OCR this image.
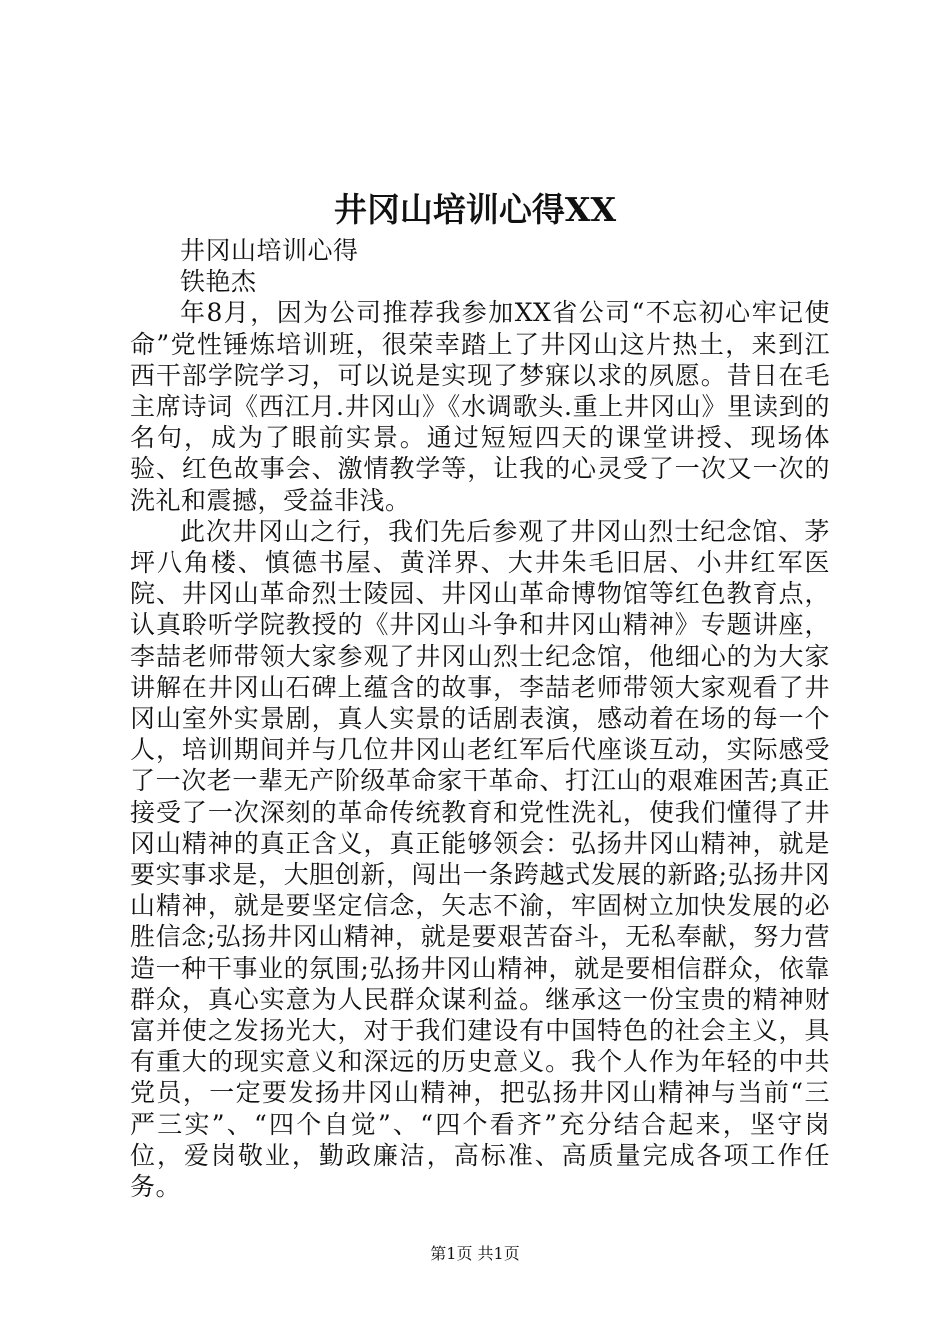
井冈山培训心得XX

井冈山培训心得

铁艳杰

年8月，因为公司推荐我参加XX省公司“不忘初心牢记使命”党性锤炼培训班，很荣幸踏上了井冈山这片热土，来到江西干部学院学习，可以说是实现了梦寐以求的夙愿。昔日在毛主席诗词《西江月.井冈山》《水调歌头.重上井冈山》里读到的名句，成为了眼前实景。通过短短四天的课堂讲授、现场体验、红色故事会、激情教学等，让我的心灵受了一次又一次的洗礼和震撼，受益非浅。

此次井冈山之行，我们先后参观了井冈山烈士纪念馆、茅坪八角楼、慎德书屋、黄洋界、大井朱毛旧居、小井红军医院、井冈山革命烈士陵园、井冈山革命博物馆等红色教育点，认真聆听学院教授的《井冈山斗争和井冈山精神》专题讲座，李喆老师带领大家参观了井冈山烈士纪念馆，他细心的为大家讲解在井冈山石碑上蕴含的故事，李喆老师带领大家观看了井冈山室外实景剧，真人实景的话剧表演，感动着在场的每一个人，培训期间并与几位井冈山老红军后代座谈互动，实际感受了一次老一辈无产阶级革命家干革命、打江山的艰难困苦;真正接受了一次深刻的革命传统教育和党性洗礼，使我们懂得了井冈山精神的真正含义，真正能够领会：弘扬井冈山精神，就是要实事求是，大胆创新，闯出一条跨越式发展的新路;弘扬井冈山精神，就是要坚定信念，矢志不渝，牢固树立加快发展的必胜信念;弘扬井冈山精神，就是要艰苦奋斗，无私奉献，努力营造一种干事业的氛围;弘扬井冈山精神，就是要相信群众，依靠群众，真心实意为人民群众谋利益。继承这一份宝贵的精神财富并使之发扬光大，对于我们建设有中国特色的社会主义，具有重大的现实意义和深远的历史意义。我个人作为年轻的中共党员，一定要发扬井冈山精神，把弘扬井冈山精神与当前“三严三实”、“四个自觉”、“四个看齐”充分结合起来，坚守岗位，爱岗敬业，勤政廉洁，高标准、高质量完成各项工作任务。

第1页 共1页
